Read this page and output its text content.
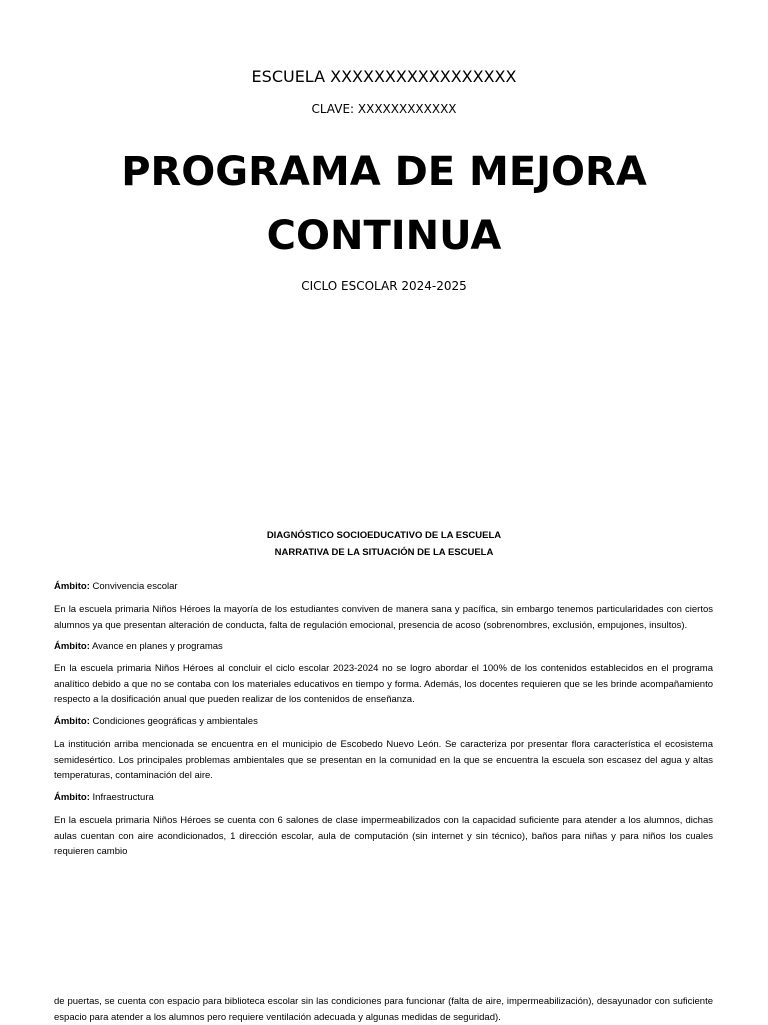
ESCUELA XXXXXXXXXXXXXXXXX
CLAVE: XXXXXXXXXXXX
PROGRAMA DE MEJORA
CONTINUA
CICLO ESCOLAR 2024-2025
DIAGNÓSTICO SOCIOEDUCATIVO DE LA ESCUELA
NARRATIVA DE LA SITUACIÓN DE LA ESCUELA

Ámbito: Convivencia escolar

En la escuela primaria Niños Héroes la mayoría de los estudiantes conviven de manera sana y pacífica, sin embargo tenemos particularidades con ciertos alumnos ya que presentan alteración de conducta, falta de regulación emocional, presencia de acoso (sobrenombres, exclusión, empujones, insultos).

Ámbito: Avance en planes y programas

En la escuela primaria Niños Héroes al concluir el ciclo escolar 2023-2024 no se logro abordar el 100% de los contenidos establecidos en el programa analítico debido a que no se contaba con los materiales educativos en tiempo y forma. Además, los docentes requieren que se les brinde acompañamiento respecto a la dosificación anual que pueden realizar de los contenidos de enseñanza.

Ámbito: Condiciones geográficas y ambientales

La institución arriba mencionada se encuentra en el municipio de Escobedo Nuevo León. Se caracteriza por presentar flora característica el ecosistema semidesértico. Los principales problemas ambientales que se presentan en la comunidad en la que se encuentra la escuela son escasez del agua y altas temperaturas, contaminación del aire.

Ámbito: Infraestructura

En la escuela primaria Niños Héroes se cuenta con 6 salones de clase impermeabilizados con la capacidad suficiente para atender a los alumnos, dichas aulas cuentan con aire acondicionados, 1 dirección escolar, aula de computación (sin internet y sin técnico), baños para niñas y para niños los cuales requieren cambio

de puertas, se cuenta con espacio para biblioteca escolar sin las condiciones para funcionar (falta de aire, impermeabilización), desayunador con suficiente espacio para atender a los alumnos pero requiere ventilación adecuada y algunas medidas de seguridad).
